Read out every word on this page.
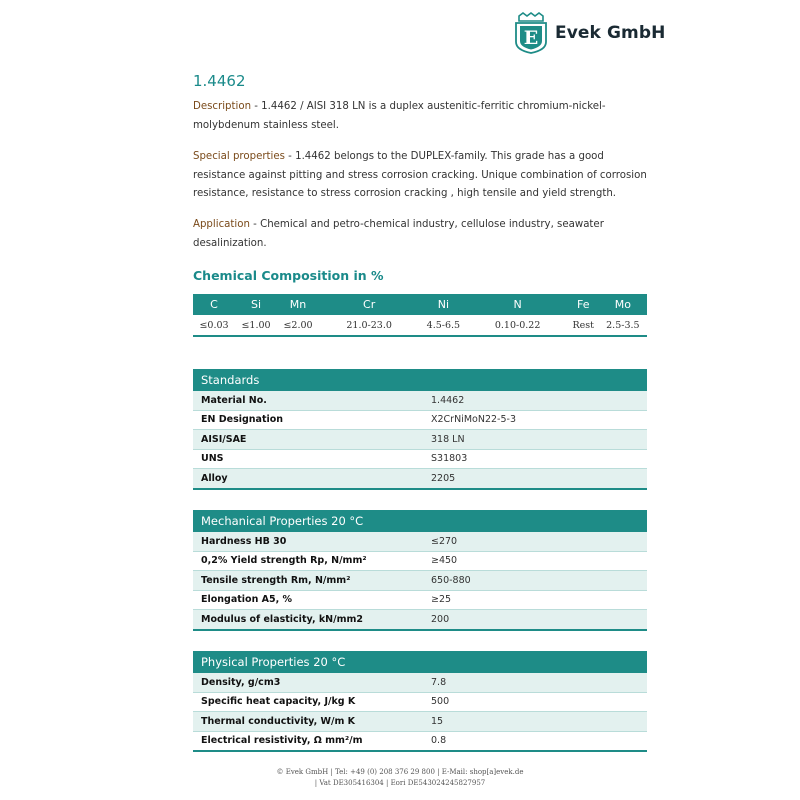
E Evek GmbH
1.4462
Description - 1.4462 / AISI 318 LN is a duplex austenitic-ferritic chromium-nickel-molybdenum stainless steel.
Special properties - 1.4462 belongs to the DUPLEX-family. This grade has a good resistance against pitting and stress corrosion cracking. Unique combination of corrosion resistance, resistance to stress corrosion cracking , high tensile and yield strength.
Application - Chemical and petro-chemical industry, cellulose industry, seawater desalinization.
Chemical Composition in %
C	Si	Mn	Cr	Ni	N	Fe	Mo
≤0.03	≤1.00	≤2.00	21.0-23.0	4.5-6.5	0.10-0.22	Rest	2.5-3.5
Standards	
Material No.	1.4462
EN Designation	X2CrNiMoN22-5-3
AISI/SAE	318 LN
UNS	S31803
Alloy	2205
Mechanical Properties 20 °C	
Hardness HB 30	≤270
0,2% Yield strength Rp, N/mm²	≥450
Tensile strength Rm, N/mm²	650-880
Elongation A5, %	≥25
Modulus of elasticity, kN/mm2	200
Physical Properties 20 °C	
Density, g/cm3	7.8
Specific heat capacity, J/kg K	500
Thermal conductivity, W/m K	15
Electrical resistivity, Ω mm²/m	0.8
© Evek GmbH | Tel: +49 (0) 208 376 29 800 | E-Mail: shop[a]evek.de
| Vat DE305416304 | Eori DE543024245827957
